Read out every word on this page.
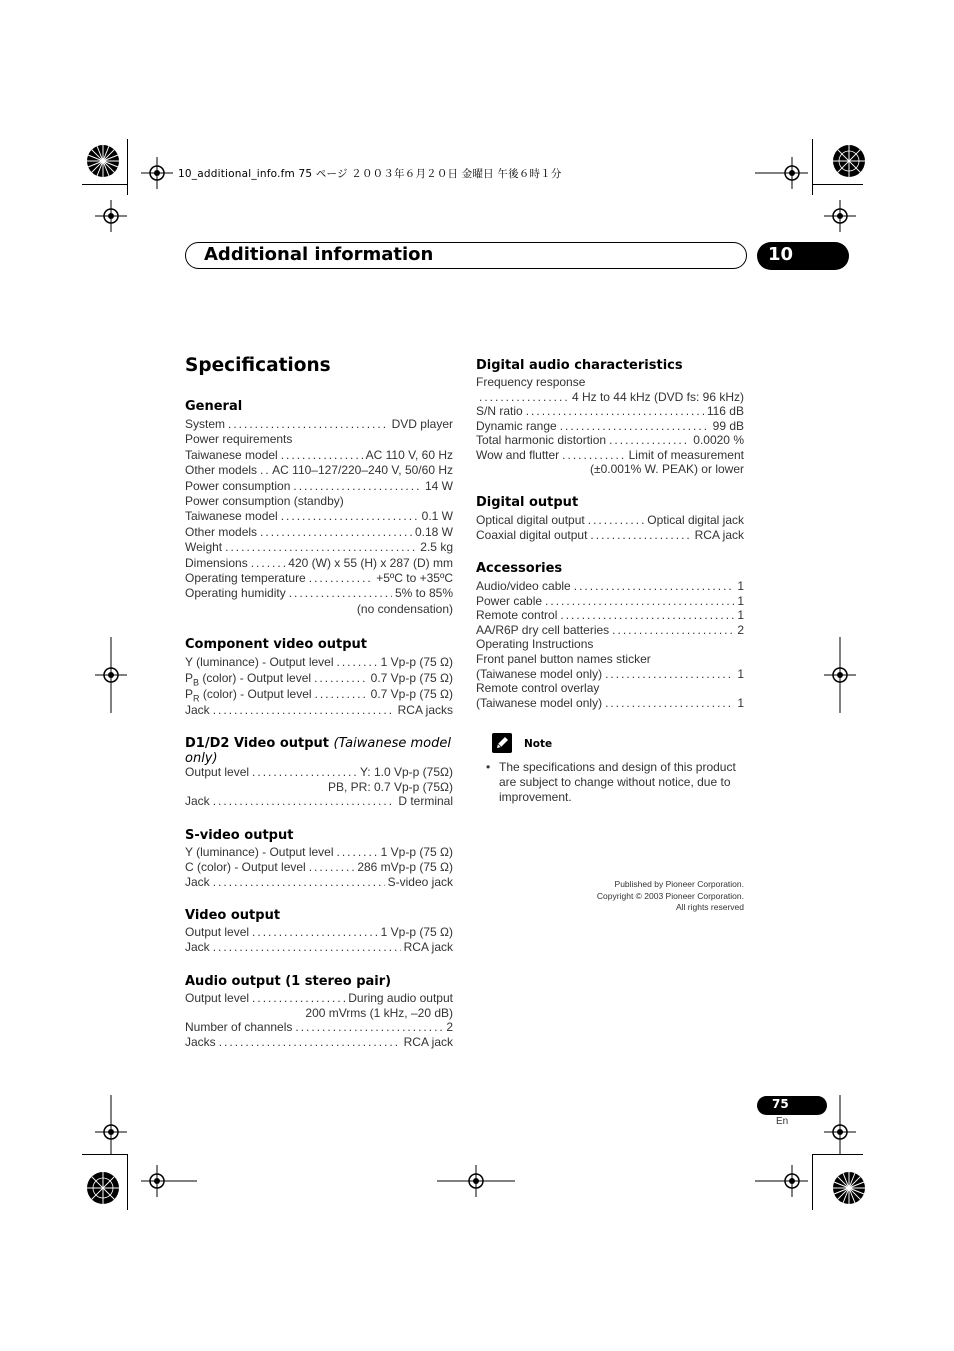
10_additional_info.fm 75 ページ ２００３年６月２０日 金曜日 午後６時１分
Additional information	10
Specifications
General
Component video output
D1/D2 Video output (Taiwanese model
only)
S-video output
Video output
Audio output (1 stereo pair)
Digital audio characteristics
Digital output
Accessories
Note
• The specifications and design of this product are subject to change without notice, due to improvement.
Published by Pioneer Corporation.
Copyright © 2003 Pioneer Corporation.
All rights reserved
75
En
System .....	DVD player
Power requirements
Taiwanese model .....	AC 110 V, 60 Hz
Other models ..... AC 110–127/220–240 V, 50/60 Hz
Power consumption .....	14 W
Power consumption (standby)
Taiwanese model .....	0.1 W
Other models .....	0.18 W
Weight .....	2.5 kg
Dimensions .....	420 (W) x 55 (H) x 287 (D) mm
Operating temperature .....	+5ºC to +35ºC
Operating humidity .....	5% to 85%
(no condensation)
Y (luminance) - Output level .....	1 Vp-p (75 Ω)
$P_B$ (color) - Output level .....	0.7 Vp-p (75 Ω)
$P_R$ (color) - Output level .....	0.7 Vp-p (75 Ω)
Jack .....	RCA jacks
Output level .....	Y: 1.0 Vp-p (75Ω)
PB, PR: 0.7 Vp-p (75Ω)
Jack .....	D terminal
Y (luminance) - Output level .....	1 Vp-p (75 Ω)
C (color) - Output level .....	286 mVp-p (75 Ω)
Jack .....	S-video jack
Output level .....	1 Vp-p (75 Ω)
Jack .....	RCA jack
Output level .....	During audio output
200 mVrms (1 kHz, –20 dB)
Number of channels .....	2
Jacks .....	RCA jack
Frequency response
.....
4 Hz to 44 kHz (DVD fs: 96 kHz)
S/N ratio .....	116 dB
Dynamic range .....	99 dB
Total harmonic distortion .....	0.0020 %
Wow and flutter .....	Limit of measurement
(±0.001% W. PEAK) or lower
Optical digital output .....	Optical digital jack
Coaxial digital output .....	RCA jack
Audio/video cable .....	1
Power cable .....	1
Remote control .....	1
AA/R6P dry cell batteries .....	2
Operating Instructions
Front panel button names sticker
(Taiwanese model only) .....	1
Remote control overlay
(Taiwanese model only) .....	1
